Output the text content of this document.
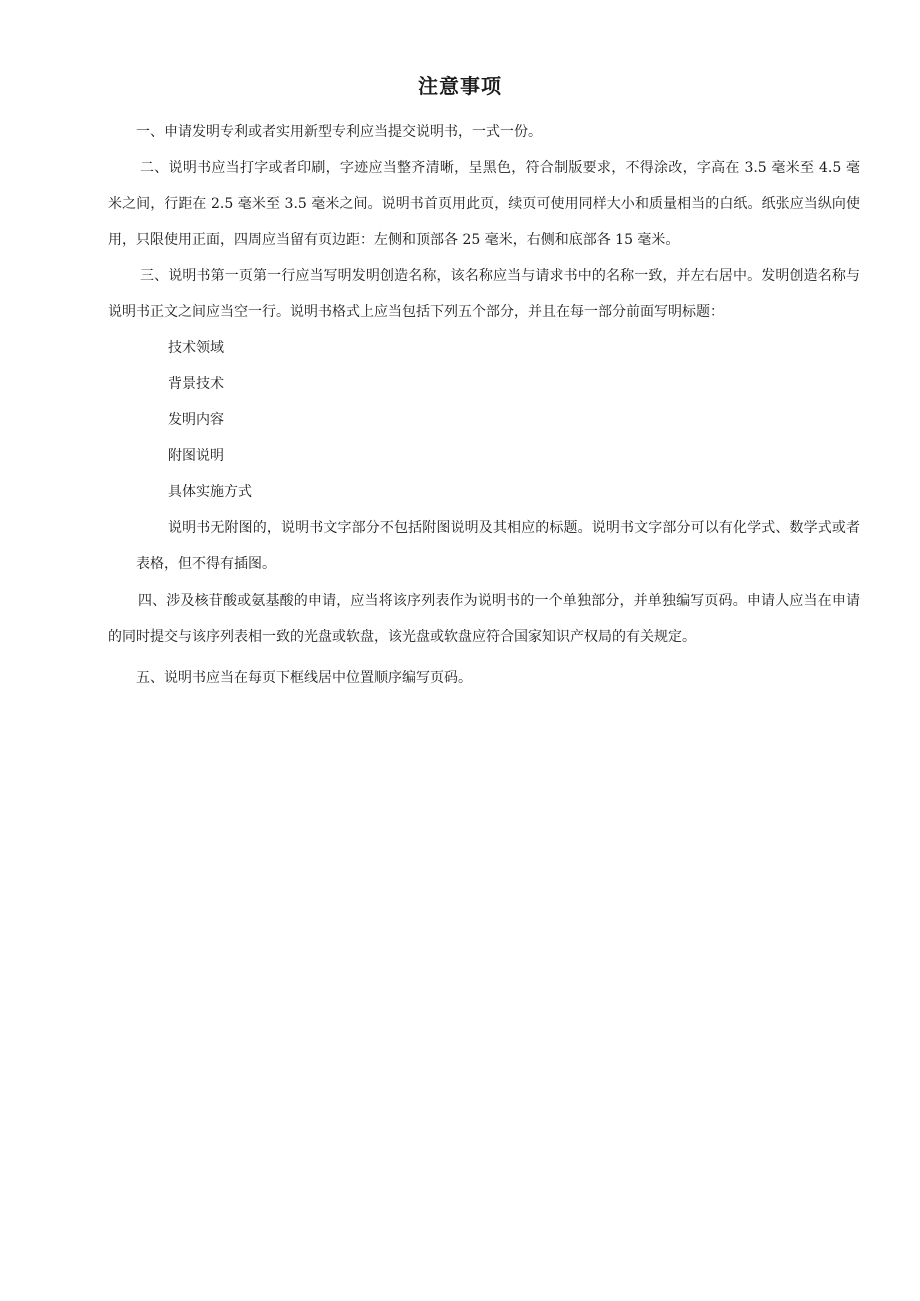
注意事项
一、申请发明专利或者实用新型专利应当提交说明书，一式一份。
二、说明书应当打字或者印刷，字迹应当整齐清晰，呈黑色，符合制版要求，不得涂改，字高在 3.5 毫米至 4.5 毫米之间，行距在 2.5 毫米至 3.5 毫米之间。说明书首页用此页，续页可使用同样大小和质量相当的白纸。纸张应当纵向使用，只限使用正面，四周应当留有页边距：左侧和顶部各 25 毫米，右侧和底部各 15 毫米。
三、说明书第一页第一行应当写明发明创造名称，该名称应当与请求书中的名称一致，并左右居中。发明创造名称与说明书正文之间应当空一行。说明书格式上应当包括下列五个部分，并且在每一部分前面写明标题：
技术领域
背景技术
发明内容
附图说明
具体实施方式
说明书无附图的，说明书文字部分不包括附图说明及其相应的标题。说明书文字部分可以有化学式、数学式或者表格，但不得有插图。
四、涉及核苷酸或氨基酸的申请，应当将该序列表作为说明书的一个单独部分，并单独编写页码。申请人应当在申请的同时提交与该序列表相一致的光盘或软盘，该光盘或软盘应符合国家知识产权局的有关规定。
五、说明书应当在每页下框线居中位置顺序编写页码。
